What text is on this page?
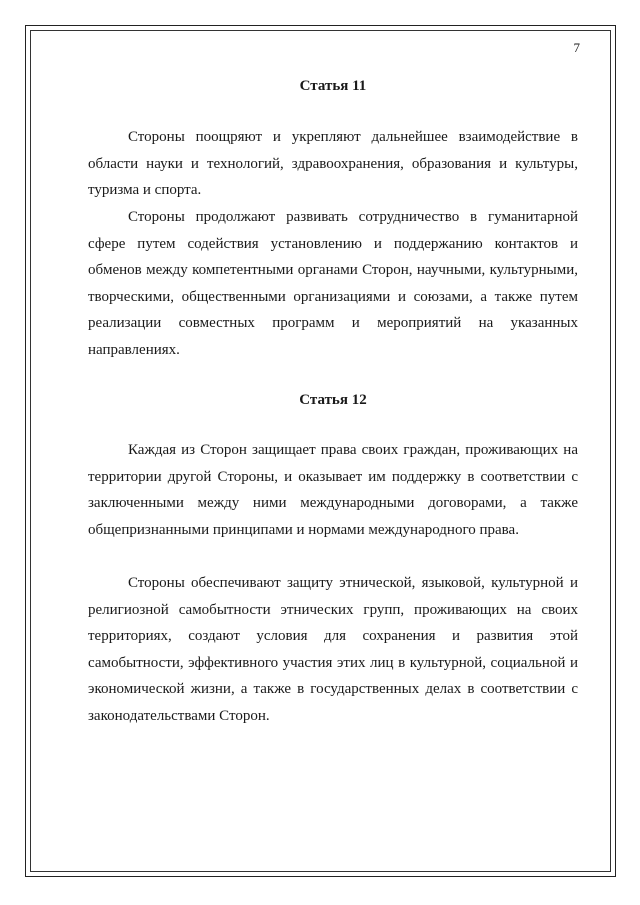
7
Статья 11

Стороны поощряют и укрепляют дальнейшее взаимодействие в области науки и технологий, здравоохранения, образования и культуры, туризма и спорта.

Стороны продолжают развивать сотрудничество в гуманитарной сфере путем содействия установлению и поддержанию контактов и обменов между компетентными органами Сторон, научными, культурными, творческими, общественными организациями и союзами, а также путем реализации совместных программ и мероприятий на указанных направлениях.

Статья 12

Каждая из Сторон защищает права своих граждан, проживающих на территории другой Стороны, и оказывает им поддержку в соответствии с заключенными между ними международными договорами, а также общепризнанными принципами и нормами международного права.

Стороны обеспечивают защиту этнической, языковой, культурной и религиозной самобытности этнических групп, проживающих на своих территориях, создают условия для сохранения и развития этой самобытности, эффективного участия этих лиц в культурной, социальной и экономической жизни, а также в государственных делах в соответствии с законодательствами Сторон.
